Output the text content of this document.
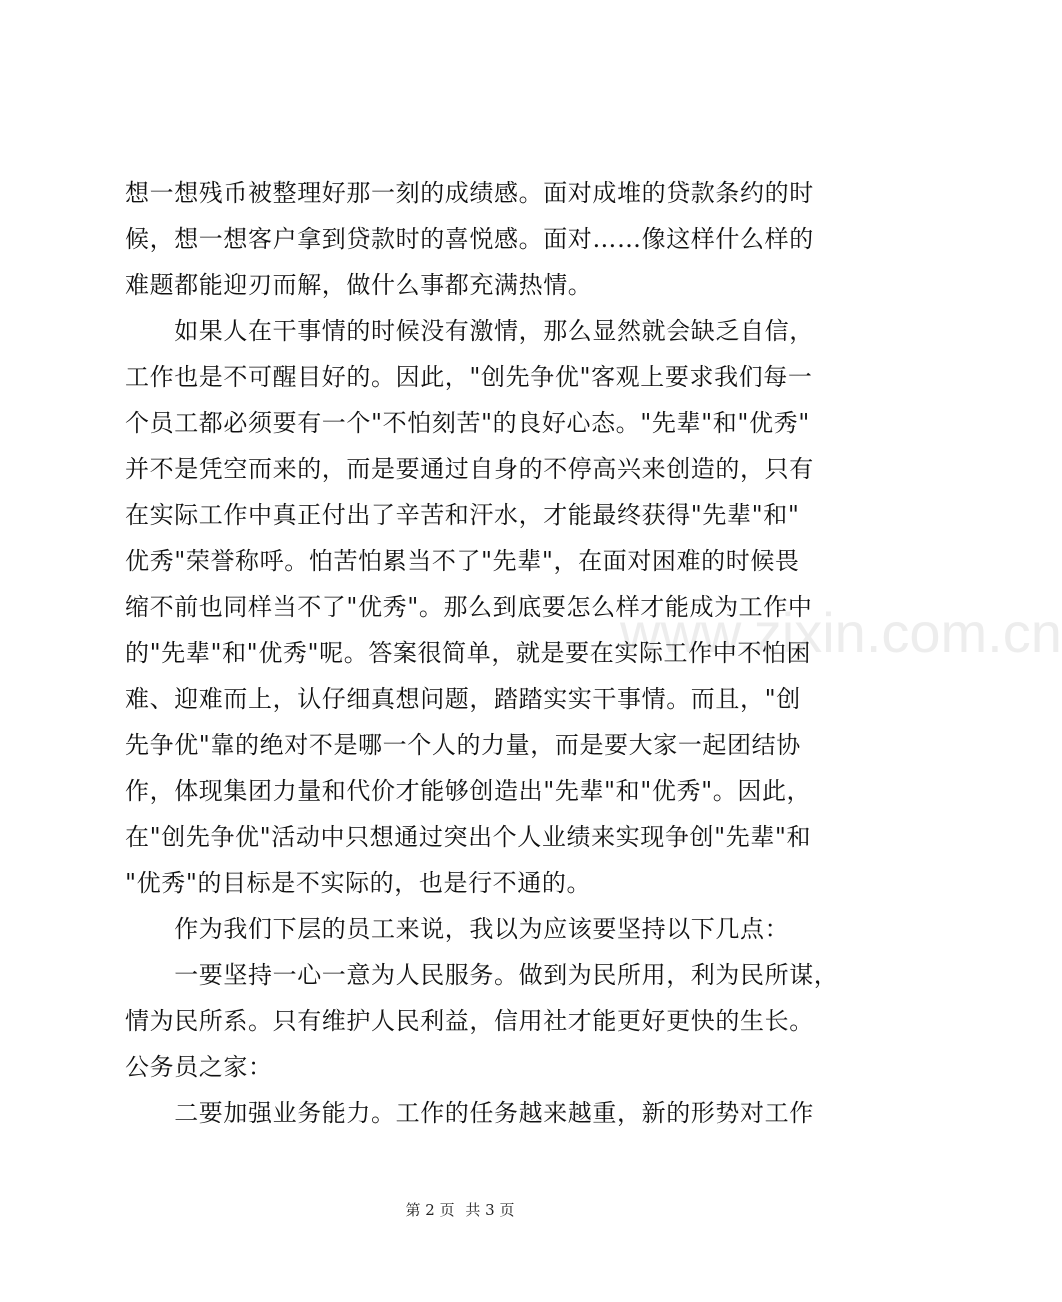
www.zixin.com.cn
想一想残币被整理好那一刻的成绩感。面对成堆的贷款条约的时
候，想一想客户拿到贷款时的喜悦感。面对……像这样什么样的
难题都能迎刃而解，做什么事都充满热情。
　　如果人在干事情的时候没有激情，那么显然就会缺乏自信，
工作也是不可醒目好的。因此，"创先争优"客观上要求我们每一
个员工都必须要有一个"不怕刻苦"的良好心态。"先辈"和"优秀"
并不是凭空而来的，而是要通过自身的不停高兴来创造的，只有
在实际工作中真正付出了辛苦和汗水，才能最终获得"先辈"和"
优秀"荣誉称呼。怕苦怕累当不了"先辈"，在面对困难的时候畏
缩不前也同样当不了"优秀"。那么到底要怎么样才能成为工作中
的"先辈"和"优秀"呢。答案很简单，就是要在实际工作中不怕困
难、迎难而上，认仔细真想问题，踏踏实实干事情。而且，"创
先争优"靠的绝对不是哪一个人的力量，而是要大家一起团结协
作，体现集团力量和代价才能够创造出"先辈"和"优秀"。因此，
在"创先争优"活动中只想通过突出个人业绩来实现争创"先辈"和
"优秀"的目标是不实际的，也是行不通的。
　　作为我们下层的员工来说，我以为应该要坚持以下几点：
　　一要坚持一心一意为人民服务。做到为民所用，利为民所谋，
情为民所系。只有维护人民利益，信用社才能更好更快的生长。
公务员之家：
　　二要加强业务能力。工作的任务越来越重，新的形势对工作
第 2 页 共 3 页
